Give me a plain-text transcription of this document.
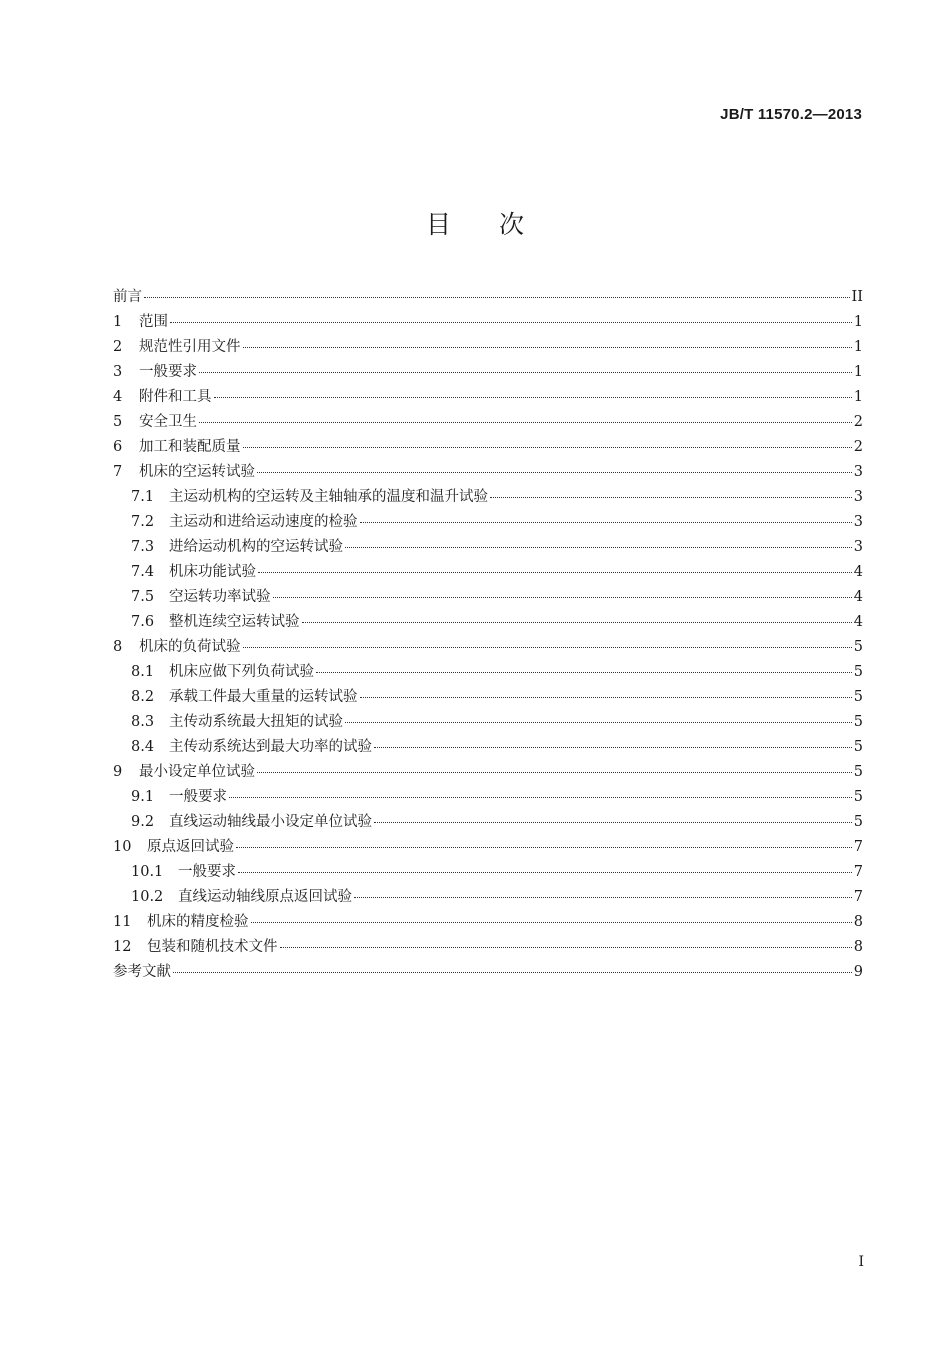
JB/T 11570.2—2013
目次
前言	II
1	范围	1
2	规范性引用文件	1
3	一般要求	1
4	附件和工具	1
5	安全卫生	2
6	加工和装配质量	2
7	机床的空运转试验	3
7.1	主运动机构的空运转及主轴轴承的温度和温升试验	3
7.2	主运动和进给运动速度的检验	3
7.3	进给运动机构的空运转试验	3
7.4	机床功能试验	4
7.5	空运转功率试验	4
7.6	整机连续空运转试验	4
8	机床的负荷试验	5
8.1	机床应做下列负荷试验	5
8.2	承载工件最大重量的运转试验	5
8.3	主传动系统最大扭矩的试验	5
8.4	主传动系统达到最大功率的试验	5
9	最小设定单位试验	5
9.1	一般要求	5
9.2	直线运动轴线最小设定单位试验	5
10	原点返回试验	7
10.1	一般要求	7
10.2	直线运动轴线原点返回试验	7
11	机床的精度检验	8
12	包装和随机技术文件	8
参考文献	9
I
